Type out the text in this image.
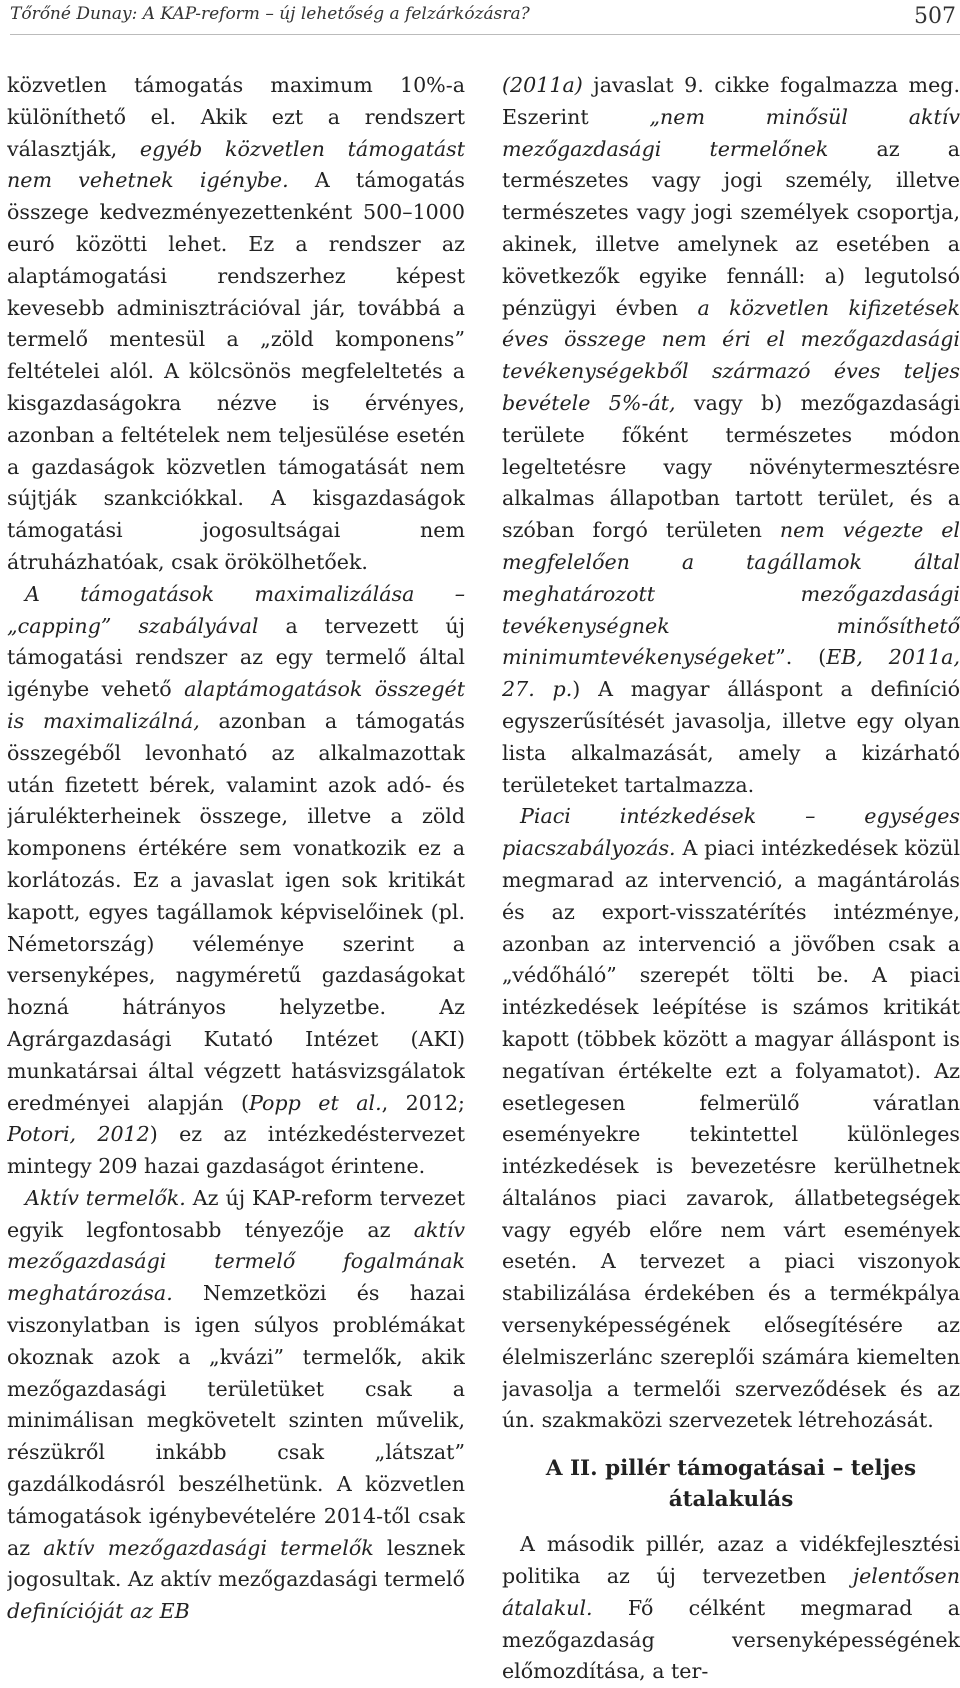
Tőrőné Dunay: A KAP-reform – új lehetőség a felzárkózásra?	507

közvetlen támogatás maximum 10%-a különíthető el. Akik ezt a rendszert választják, egyéb közvetlen támogatást nem vehetnek igénybe. A támogatás összege kedvezményezettenként 500–1000 euró közötti lehet. Ez a rendszer az alaptámogatási rendszerhez képest kevesebb adminisztrációval jár, továbbá a termelő mentesül a „zöld komponens” feltételei alól. A kölcsönös megfeleltetés a kisgazdaságokra nézve is érvényes, azonban a feltételek nem teljesülése esetén a gazdaságok közvetlen támogatását nem sújtják szankciókkal. A kisgazdaságok támogatási jogosultságai nem átruházhatóak, csak örökölhetőek.

A támogatások maximalizálása – „capping” szabályával a tervezett új támogatási rendszer az egy termelő által igénybe vehető alaptámogatások összegét is maximalizálná, azonban a támogatás összegéből levonható az alkalmazottak után fizetett bérek, valamint azok adó- és járulékterheinek összege, illetve a zöld komponens értékére sem vonatkozik ez a korlátozás. Ez a javaslat igen sok kritikát kapott, egyes tagállamok képviselőinek (pl. Németország) véleménye szerint a versenyképes, nagyméretű gazdaságokat hozná hátrányos helyzetbe. Az Agrárgazdasági Kutató Intézet (AKI) munkatársai által végzett hatásvizsgálatok eredményei alapján (Popp et al., 2012; Potori, 2012) ez az intézkedéstervezet mintegy 209 hazai gazdaságot érintene.

Aktív termelők. Az új KAP-reform tervezet egyik legfontosabb tényezője az aktív mezőgazdasági termelő fogalmának meghatározása. Nemzetközi és hazai viszonylatban is igen súlyos problémákat okoznak azok a „kvázi” termelők, akik mezőgazdasági területüket csak a minimálisan megkövetelt szinten művelik, részükről inkább csak „látszat” gazdálkodásról beszélhetünk. A közvetlen támogatások igénybevételére 2014-től csak az aktív mezőgazdasági termelők lesznek jogosultak. Az aktív mezőgazdasági termelő definícióját az EB

(2011a) javaslat 9. cikke fogalmazza meg. Eszerint „nem minősül aktív mezőgazdasági termelőnek az a természetes vagy jogi személy, illetve természetes vagy jogi személyek csoportja, akinek, illetve amelynek az esetében a következők egyike fennáll: a) legutolsó pénzügyi évben a közvetlen kifizetések éves összege nem éri el mezőgazdasági tevékenységekből származó éves teljes bevétele 5%-át, vagy b) mezőgazdasági területe főként természetes módon legeltetésre vagy növénytermesztésre alkalmas állapotban tartott terület, és a szóban forgó területen nem végezte el megfelelően a tagállamok által meghatározott mezőgazdasági tevékenységnek minősíthető minimumtevékenységeket”. (EB, 2011a, 27. p.) A magyar álláspont a definíció egyszerűsítését javasolja, illetve egy olyan lista alkalmazását, amely a kizárható területeket tartalmazza.

Piaci intézkedések – egységes piacszabályozás. A piaci intézkedések közül megmarad az intervenció, a magántárolás és az export-visszatérítés intézménye, azonban az intervenció a jövőben csak a „védőháló” szerepét tölti be. A piaci intézkedések leépítése is számos kritikát kapott (többek között a magyar álláspont is negatívan értékelte ezt a folyamatot). Az esetlegesen felmerülő váratlan eseményekre tekintettel különleges intézkedések is bevezetésre kerülhetnek általános piaci zavarok, állatbetegségek vagy egyéb előre nem várt események esetén. A tervezet a piaci viszonyok stabilizálása érdekében és a termékpálya versenyképességének elősegítésére az élelmiszerlánc szereplői számára kiemelten javasolja a termelői szerveződések és az ún. szakmaközi szervezetek létrehozását.

A II. pillér támogatásai – teljes átalakulás

A második pillér, azaz a vidékfejlesztési politika az új tervezetben jelentősen átalakul. Fő célként megmarad a mezőgazdaság versenyképességének előmozdítása, a ter-
